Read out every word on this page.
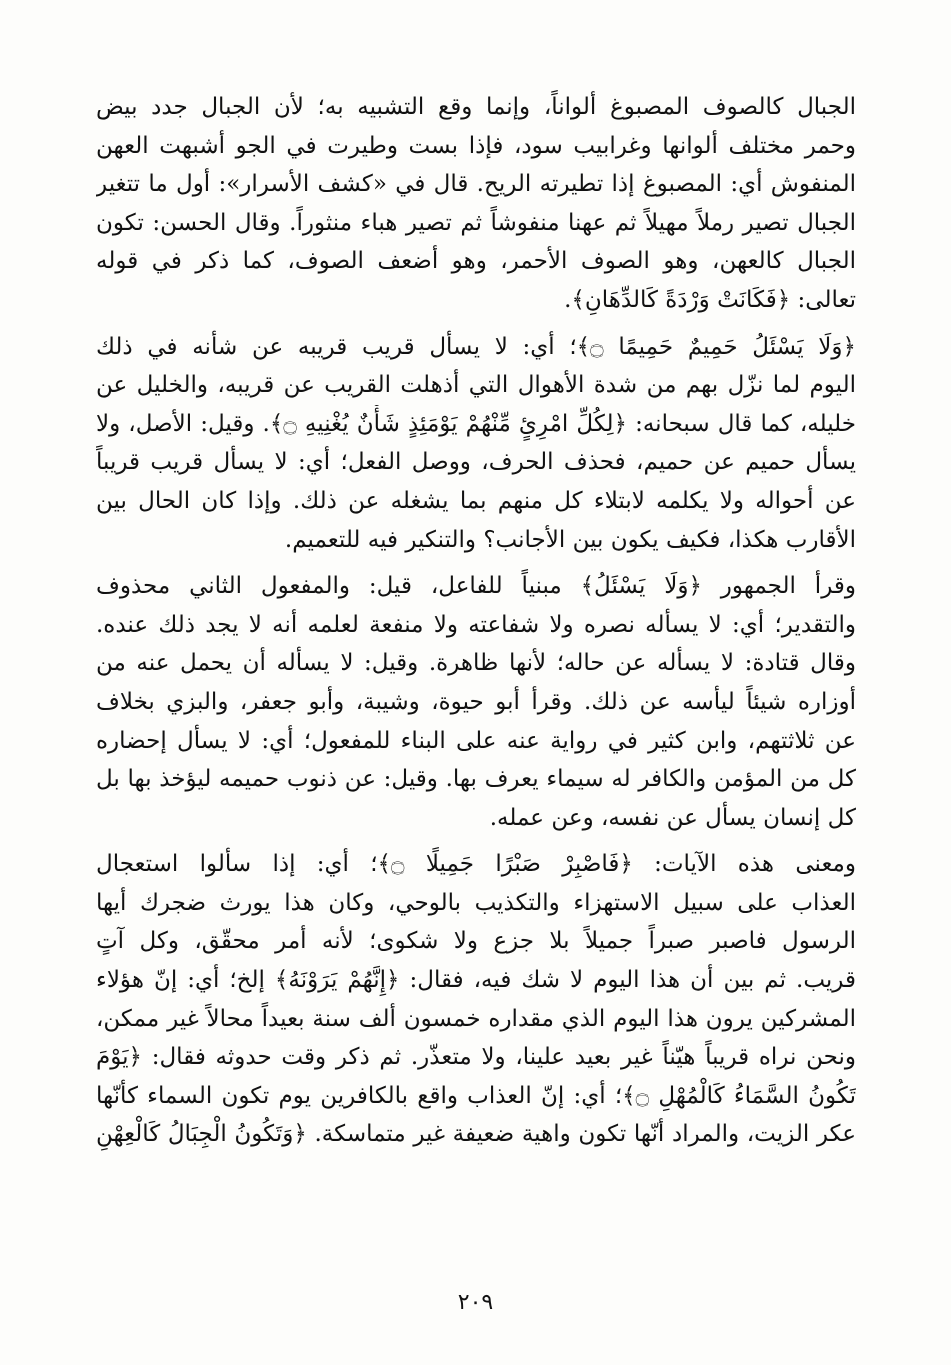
الجبال كالصوف المصبوغ ألواناً، وإنما وقع التشبيه به؛ لأن الجبال جدد بيض
وحمر مختلف ألوانها وغرابيب سود، فإذا بست وطيرت في الجو أشبهت العهن
المنفوش أي: المصبوغ إذا تطيرته الريح. قال في «كشف الأسرار»: أول ما تتغير
الجبال تصير رملاً مهيلاً ثم عهنا منفوشاً ثم تصير هباء منثوراً. وقال الحسن: تكون
الجبال كالعهن، وهو الصوف الأحمر، وهو أضعف الصوف، كما ذكر في قوله
تعالى: ﴿فَكَانَتْ وَرْدَةً كَالدِّهَانِ﴾.
﴿وَلَا يَسْئَلُ حَمِيمٌ حَمِيمًا ۝﴾؛ أي: لا يسأل قريب قريبه عن شأنه في ذلك
اليوم لما نزّل بهم من شدة الأهوال التي أذهلت القريب عن قريبه، والخليل عن
خليله، كما قال سبحانه: ﴿لِكُلِّ امْرِئٍ مِّنْهُمْ يَوْمَئِذٍ شَأْنٌ يُغْنِيهِ ۝﴾. وقيل: الأصل، ولا
يسأل حميم عن حميم، فحذف الحرف، ووصل الفعل؛ أي: لا يسأل قريب قريباً
عن أحواله ولا يكلمه لابتلاء كل منهم بما يشغله عن ذلك. وإذا كان الحال بين
الأقارب هكذا، فكيف يكون بين الأجانب؟ والتنكير فيه للتعميم.
وقرأ الجمهور ﴿وَلَا يَسْئَلُ﴾ مبنياً للفاعل، قيل: والمفعول الثاني محذوف
والتقدير؛ أي: لا يسأله نصره ولا شفاعته ولا منفعة لعلمه أنه لا يجد ذلك عنده.
وقال قتادة: لا يسأله عن حاله؛ لأنها ظاهرة. وقيل: لا يسأله أن يحمل عنه من
أوزاره شيئاً ليأسه عن ذلك. وقرأ أبو حيوة، وشيبة، وأبو جعفر، والبزي بخلاف
عن ثلاثتهم، وابن كثير في رواية عنه على البناء للمفعول؛ أي: لا يسأل إحضاره
كل من المؤمن والكافر له سيماء يعرف بها. وقيل: عن ذنوب حميمه ليؤخذ بها بل
كل إنسان يسأل عن نفسه، وعن عمله.
ومعنى هذه الآيات: ﴿فَاصْبِرْ صَبْرًا جَمِيلًا ۝﴾؛ أي: إذا سألوا استعجال
العذاب على سبيل الاستهزاء والتكذيب بالوحي، وكان هذا يورث ضجرك أيها
الرسول فاصبر صبراً جميلاً بلا جزع ولا شكوى؛ لأنه أمر محقّق، وكل آتٍ
قريب. ثم بين أن هذا اليوم لا شك فيه، فقال: ﴿إِنَّهُمْ يَرَوْنَهُ﴾ إلخ؛ أي: إنّ هؤلاء
المشركين يرون هذا اليوم الذي مقداره خمسون ألف سنة بعيداً محالاً غير ممكن،
ونحن نراه قريباً هيّناً غير بعيد علينا، ولا متعذّر. ثم ذكر وقت حدوثه فقال: ﴿يَوْمَ
تَكُونُ السَّمَاءُ كَالْمُهْلِ ۝﴾؛ أي: إنّ العذاب واقع بالكافرين يوم تكون السماء كأنّها
عكر الزيت، والمراد أنّها تكون واهية ضعيفة غير متماسكة. ﴿وَتَكُونُ الْجِبَالُ كَالْعِهْنِ
٢٠٩
